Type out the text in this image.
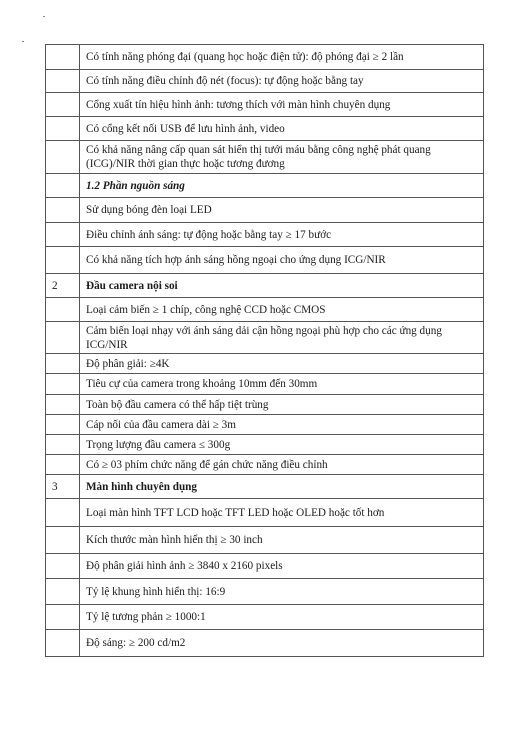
	Có tính năng phóng đại (quang học hoặc điện tử): độ phóng đại ≥ 2 lần
	Có tính năng điều chỉnh độ nét (focus): tự động hoặc bằng tay
	Cổng xuất tín hiệu hình ảnh: tương thích với màn hình chuyên dụng
	Có cổng kết nối USB để lưu hình ảnh, video
	Có khả năng nâng cấp quan sát hiển thị tưới máu bằng công nghệ phát quang (ICG)/NIR thời gian thực hoặc tương đương
	1.2 Phần nguồn sáng
	Sử dụng bóng đèn loại LED
	Điều chỉnh ánh sáng: tự động hoặc bằng tay ≥ 17 bước
	Có khả năng tích hợp ánh sáng hồng ngoại cho ứng dụng ICG/NIR
2	Đầu camera nội soi
	Loại cảm biến ≥ 1 chíp, công nghệ CCD hoặc CMOS
	Cảm biến loại nhạy với ánh sáng dải cận hồng ngoại phù hợp cho các ứng dụng ICG/NIR
	Độ phân giải: ≥4K
	Tiêu cự của camera trong khoảng 10mm đến 30mm
	Toàn bộ đầu camera có thể hấp tiệt trùng
	Cáp nối của đầu camera dài ≥ 3m
	Trọng lượng đầu camera ≤ 300g
	Có ≥ 03 phím chức năng để gán chức năng điều chỉnh
3	Màn hình chuyên dụng
	Loại màn hình TFT LCD hoặc TFT LED hoặc OLED hoặc tốt hơn
	Kích thước màn hình hiển thị ≥ 30 inch
	Độ phân giải hình ảnh ≥ 3840 x 2160 pixels
	Tỷ lệ khung hình hiển thị: 16:9
	Tỷ lệ tương phản ≥ 1000:1
	Độ sáng: ≥ 200 cd/m2
